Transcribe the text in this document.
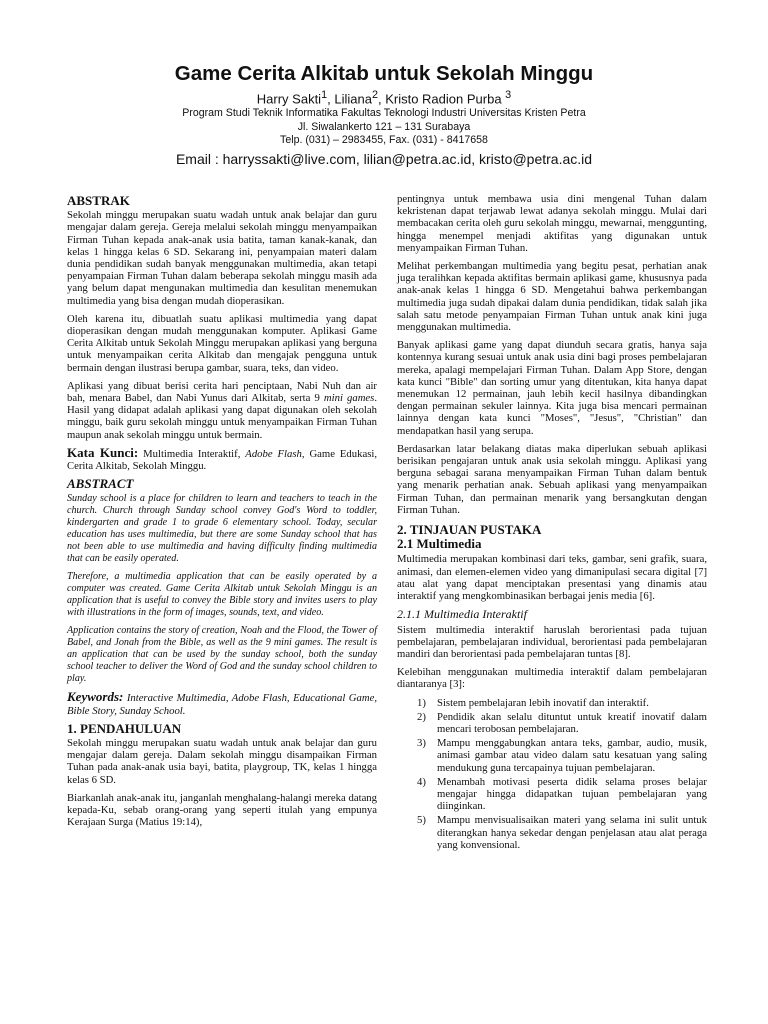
Game Cerita Alkitab untuk Sekolah Minggu
Harry Sakti$^1$, Liliana$^2$, Kristo Radion Purba $^3$
Program Studi Teknik Informatika Fakultas Teknologi Industri Universitas Kristen Petra
Jl. Siwalankerto 121 – 131 Surabaya
Telp. (031) – 2983455, Fax. (031) - 8417658
Email : harryssakti@live.com, lilian@petra.ac.id, kristo@petra.ac.id
ABSTRAK

Sekolah minggu merupakan suatu wadah untuk anak belajar dan guru mengajar dalam gereja. Gereja melalui sekolah minggu menyampaikan Firman Tuhan kepada anak-anak usia batita, taman kanak-kanak, dan kelas 1 hingga kelas 6 SD. Sekarang ini, penyampaian materi dalam dunia pendidikan sudah banyak menggunakan multimedia, akan tetapi penyampaian Firman Tuhan dalam beberapa sekolah minggu masih ada yang belum dapat mengunakan multimedia dan kesulitan menemukan multimedia yang bisa dengan mudah dioperasikan.

Oleh karena itu, dibuatlah suatu aplikasi multimedia yang dapat dioperasikan dengan mudah menggunakan komputer. Aplikasi Game Cerita Alkitab untuk Sekolah Minggu merupakan aplikasi yang berguna untuk menyampaikan cerita Alkitab dan mengajak pengguna untuk bermain dengan ilustrasi berupa gambar, suara, teks, dan video.

Aplikasi yang dibuat berisi cerita hari penciptaan, Nabi Nuh dan air bah, menara Babel, dan Nabi Yunus dari Alkitab, serta 9 mini games. Hasil yang didapat adalah aplikasi yang dapat digunakan oleh sekolah minggu, baik guru sekolah minggu untuk menyampaikan Firman Tuhan maupun anak sekolah minggu untuk bermain.

Kata Kunci: Multimedia Interaktif, Adobe Flash, Game Edukasi, Cerita Alkitab, Sekolah Minggu.

ABSTRACT

Sunday school is a place for children to learn and teachers to teach in the church. Church through Sunday school convey God's Word to toddler, kindergarten and grade 1 to grade 6 elementary school. Today, secular education has uses multimedia, but there are some Sunday school that has not been able to use multimedia and having difficulty finding multimedia that can be easily operated.

Therefore, a multimedia application that can be easily operated by a computer was created. Game Cerita Alkitab untuk Sekolah Minggu is an application that is useful to convey the Bible story and invites users to play with illustrations in the form of images, sounds, text, and video.

Application contains the story of creation, Noah and the Flood, the Tower of Babel, and Jonah from the Bible, as well as the 9 mini games. The result is an application that can be used by the sunday school, both the sunday school teacher to deliver the Word of God and the sunday school children to play.

Keywords: Interactive Multimedia, Adobe Flash, Educational Game, Bible Story, Sunday School.

1. PENDAHULUAN

Sekolah minggu merupakan suatu wadah untuk anak belajar dan guru mengajar dalam gereja. Dalam sekolah minggu disampaikan Firman Tuhan pada anak-anak usia bayi, batita, playgroup, TK, kelas 1 hingga kelas 6 SD.

Biarkanlah anak-anak itu, janganlah menghalang-halangi mereka datang kepada-Ku, sebab orang-orang yang seperti itulah yang empunya Kerajaan Surga (Matius 19:14),

pentingnya untuk membawa usia dini mengenal Tuhan dalam kekristenan dapat terjawab lewat adanya sekolah minggu. Mulai dari membacakan cerita oleh guru sekolah minggu, mewarnai, menggunting, hingga menempel menjadi aktifitas yang digunakan untuk menyampaikan Firman Tuhan.

Melihat perkembangan multimedia yang begitu pesat, perhatian anak juga teralihkan kepada aktifitas bermain aplikasi game, khususnya pada anak-anak kelas 1 hingga 6 SD. Mengetahui bahwa perkembangan multimedia juga sudah dipakai dalam dunia pendidikan, tidak salah jika salah satu metode penyampaian Firman Tuhan untuk anak kini juga menggunakan multimedia.

Banyak aplikasi game yang dapat diunduh secara gratis, hanya saja kontennya kurang sesuai untuk anak usia dini bagi proses pembelajaran mereka, apalagi mempelajari Firman Tuhan. Dalam App Store, dengan kata kunci "Bible" dan sorting umur yang ditentukan, kita hanya dapat menemukan 12 permainan, jauh lebih kecil hasilnya dibandingkan dengan permainan sekuler lainnya. Kita juga bisa mencari permainan lainnya dengan kata kunci "Moses", "Jesus", "Christian" dan mendapatkan hasil yang serupa.

Berdasarkan latar belakang diatas maka diperlukan sebuah aplikasi berisikan pengajaran untuk anak usia sekolah minggu. Aplikasi yang berguna sebagai sarana menyampaikan Firman Tuhan dalam bentuk yang menarik perhatian anak. Sebuah aplikasi yang menyampaikan Firman Tuhan, dan permainan menarik yang bersangkutan dengan Firman Tuhan.

2. TINJAUAN PUSTAKA
2.1 Multimedia

Multimedia merupakan kombinasi dari teks, gambar, seni grafik, suara, animasi, dan elemen-elemen video yang dimanipulasi secara digital [7] atau alat yang dapat menciptakan presentasi yang dinamis atau interaktif yang mengkombinasikan berbagai jenis media [6].

2.1.1 Multimedia Interaktif

Sistem multimedia interaktif haruslah berorientasi pada tujuan pembelajaran, pembelajaran individual, berorientasi pada pembelajaran mandiri dan berorientasi pada pembelajaran tuntas [8].

Kelebihan menggunakan multimedia interaktif dalam pembelajaran diantaranya [3]:

1) Sistem pembelajaran lebih inovatif dan interaktif.
2) Pendidik akan selalu dituntut untuk kreatif inovatif dalam mencari terobosan pembelajaran.
3) Mampu menggabungkan antara teks, gambar, audio, musik, animasi gambar atau video dalam satu kesatuan yang saling mendukung guna tercapainya tujuan pembelajaran.
4) Menambah motivasi peserta didik selama proses belajar mengajar hingga didapatkan tujuan pembelajaran yang diinginkan.
5) Mampu menvisualisaikan materi yang selama ini sulit untuk diterangkan hanya sekedar dengan penjelasan atau alat peraga yang konvensional.
